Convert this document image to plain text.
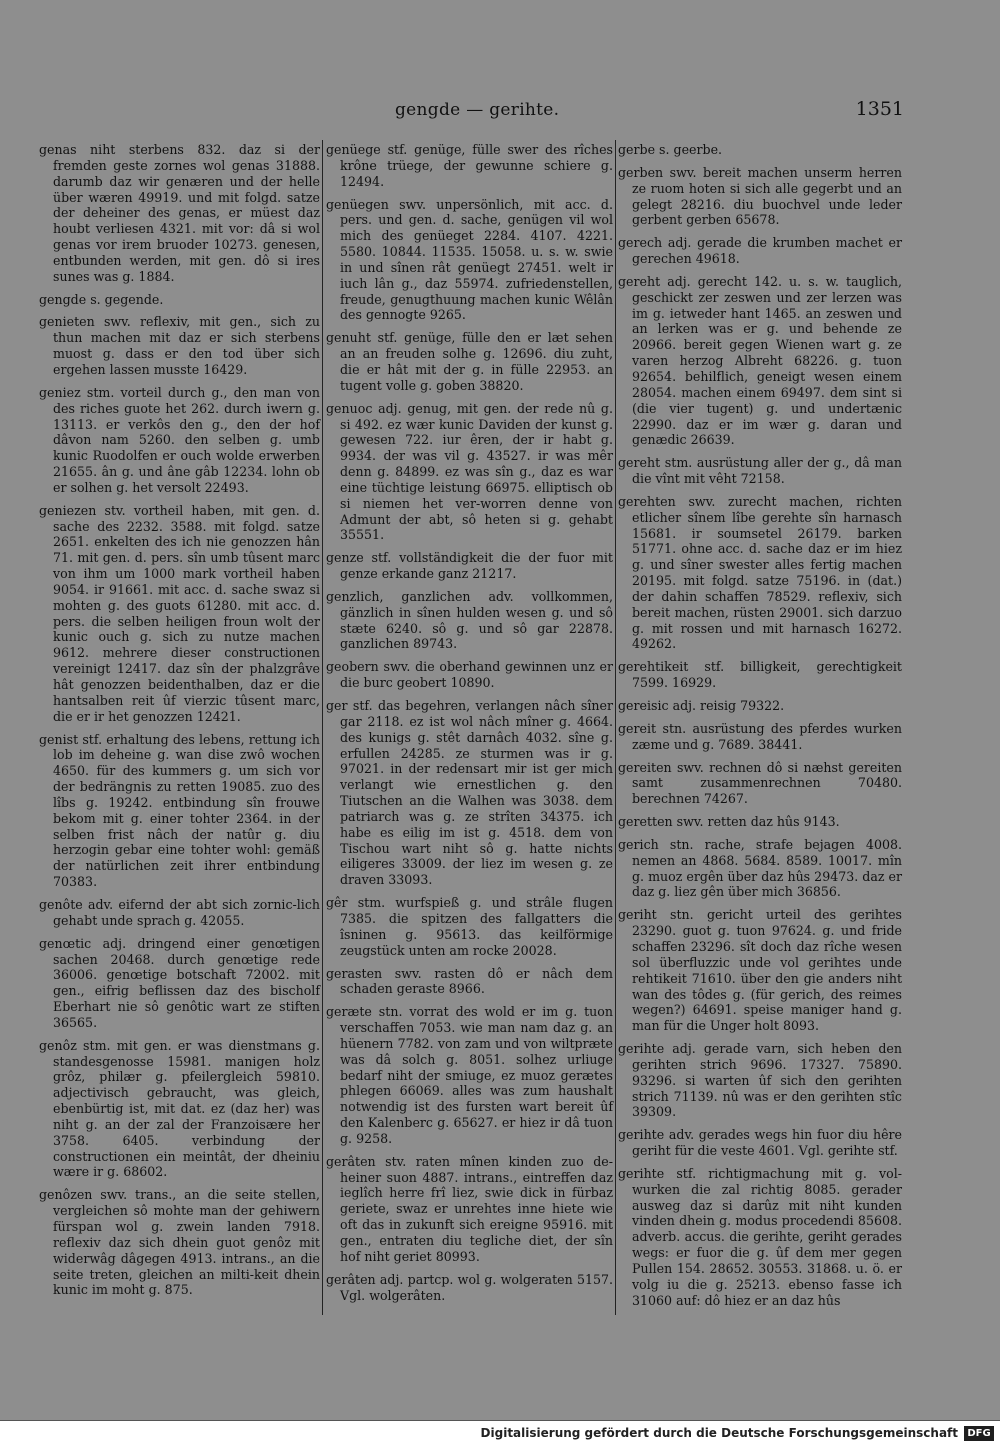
gengde — gerihte.	1351

genas niht sterbens 832. daz si der fremden geste zornes wol genas 31888. darumb daz wir genæren und der helle über wæren 49919. und mit folgd. satze der deheiner des genas, er müest daz houbt verliesen 4321. mit vor: dâ si wol genas vor irem bruoder 10273. genesen, entbunden werden, mit gen. dô si ires sunes was g. 1884.

gengde s. gegende.

genieten swv. reflexiv, mit gen., sich zu thun machen mit daz er sich sterbens muost g. dass er den tod über sich ergehen lassen musste 16429.

geniez stm. vorteil durch g., den man von des riches guote het 262. durch iwern g. 13113. er verkôs den g., den der hof dâvon nam 5260. den selben g. umb kunic Ruodolfen er ouch wolde erwerben 21655. ân g. und âne gâb 12234. lohn ob er solhen g. het versolt 22493.

geniezen stv. vortheil haben, mit gen. d. sache des 2232. 3588. mit folgd. satze 2651. enkelten des ich nie genozzen hân 71. mit gen. d. pers. sîn umb tûsent marc von ihm um 1000 mark vortheil haben 9054. ir 91661. mit acc. d. sache swaz si mohten g. des guots 61280. mit acc. d. pers. die selben heiligen froun wolt der kunic ouch g. sich zu nutze machen 9612. mehrere dieser constructionen vereinigt 12417. daz sîn der phalzgrâve hât genozzen beidenthalben, daz er die hantsalben reit ûf vierzic tûsent marc, die er ir het genozzen 12421.

genist stf. erhaltung des lebens, rettung ich lob im deheine g. wan dise zwô wochen 4650. für des kummers g. um sich vor der bedrängnis zu retten 19085. zuo des lîbs g. 19242. entbindung sîn frouwe bekom mit g. einer tohter 2364. in der selben frist nâch der natûr g. diu herzogin gebar eine tohter wohl: gemäß der natürlichen zeit ihrer entbindung 70383.

genôte adv. eifernd der abt sich zornic-lich gehabt unde sprach g. 42055.

genœtic adj. dringend einer genœtigen sachen 20468. durch genœtige rede 36006. genœtige botschaft 72002. mit gen., eifrig beflissen daz des bischolf Eberhart nie sô genôtic wart ze stiften 36565.

genôz stm. mit gen. er was dienstmans g. standesgenosse 15981. manigen holz grôz, philær g. pfeilergleich 59810. adjectivisch gebraucht, was gleich, ebenbürtig ist, mit dat. ez (daz her) was niht g. an der zal der Franzoisære her 3758. 6405. verbindung der constructionen ein meintât, der dheiniu wære ir g. 68602.

genôzen swv. trans., an die seite stellen, vergleichen sô mohte man der gehiwern fürspan wol g. zwein landen 7918. reflexiv daz sich dhein guot genôz mit widerwâg dâgegen 4913. intrans., an die seite treten, gleichen an milti-keit dhein kunic im moht g. 875.

genüege stf. genüge, fülle swer des rîches krône trüege, der gewunne schiere g. 12494.

genüegen swv. unpersönlich, mit acc. d. pers. und gen. d. sache, genügen vil wol mich des genüeget 2284. 4107. 4221. 5580. 10844. 11535. 15058. u. s. w. swie in und sînen rât genüegt 27451. welt ir iuch lân g., daz 55974. zufriedenstellen, freude, genugthuung machen kunic Wêlân des gennogte 9265.

genuht stf. genüge, fülle den er læt sehen an an freuden solhe g. 12696. diu zuht, die er hât mit der g. in fülle 22953. an tugent volle g. goben 38820.

genuoc adj. genug, mit gen. der rede nû g. si 492. ez wær kunic Daviden der kunst g. gewesen 722. iur êren, der ir habt g. 9934. der was vil g. 43527. ir was mêr denn g. 84899. ez was sîn g., daz es war eine tüchtige leistung 66975. elliptisch ob si niemen het ver-worren denne von Admunt der abt, sô heten si g. gehabt 35551.

genze stf. vollständigkeit die der fuor mit genze erkande ganz 21217.

genzlich, ganzlichen adv. vollkommen, gänzlich in sînen hulden wesen g. und sô stæte 6240. sô g. und sô gar 22878. ganzlichen 89743.

geobern swv. die oberhand gewinnen unz er die burc geobert 10890.

ger stf. das begehren, verlangen nâch sîner gar 2118. ez ist wol nâch mîner g. 4664. des kunigs g. stêt darnâch 4032. sîne g. erfullen 24285. ze sturmen was ir g. 97021. in der redensart mir ist ger mich verlangt wie ernestlichen g. den Tiutschen an die Walhen was 3038. dem patriarch was g. ze strîten 34375. ich habe es eilig im ist g. 4518. dem von Tischou wart niht sô g. hatte nichts eiligeres 33009. der liez im wesen g. ze draven 33093.

gêr stm. wurfspieß g. und strâle flugen 7385. die spitzen des fallgatters die îsninen g. 95613. das keilförmige zeugstück unten am rocke 20028.

gerasten swv. rasten dô er nâch dem schaden geraste 8966.

geræte stn. vorrat des wold er im g. tuon verschaffen 7053. wie man nam daz g. an hüenern 7782. von zam und von wiltpræte was dâ solch g. 8051. solhez urliuge bedarf niht der smiuge, ez muoz gerætes phlegen 66069. alles was zum haushalt notwendig ist des fursten wart bereit ûf den Kalenberc g. 65627. er hiez ir dâ tuon g. 9258.

gerâten stv. raten mînen kinden zuo de-heiner suon 4887. intrans., eintreffen daz ieglîch herre frî liez, swie dick in fürbaz geriete, swaz er unrehtes inne hiete wie oft das in zukunft sich ereigne 95916. mit gen., entraten diu tegliche diet, der sîn hof niht geriet 80993.

gerâten adj. partcp. wol g. wolgeraten 5157. Vgl. wolgerâten.

gerbe s. geerbe.

gerben swv. bereit machen unserm herren ze ruom hoten si sich alle gegerbt und an gelegt 28216. diu buochvel unde leder gerbent gerben 65678.

gerech adj. gerade die krumben machet er gerechen 49618.

gereht adj. gerecht 142. u. s. w. tauglich, geschickt zer zeswen und zer lerzen was im g. ietweder hant 1465. an zeswen und an lerken was er g. und behende ze 20966. bereit gegen Wienen wart g. ze varen herzog Albreht 68226. g. tuon 92654. behilflich, geneigt wesen einem 28054. machen einem 69497. dem sint si (die vier tugent) g. und undertænic 22990. daz er im wær g. daran und genædic 26639.

gereht stm. ausrüstung aller der g., dâ man die vînt mit vêht 72158.

gerehten swv. zurecht machen, richten etlicher sînem lîbe gerehte sîn harnasch 15681. ir soumsetel 26179. barken 51771. ohne acc. d. sache daz er im hiez g. und sîner swester alles fertig machen 20195. mit folgd. satze 75196. in (dat.) der dahin schaffen 78529. reflexiv, sich bereit machen, rüsten 29001. sich darzuo g. mit rossen und mit harnasch 16272. 49262.

gerehtikeit stf. billigkeit, gerechtigkeit 7599. 16929.

gereisic adj. reisig 79322.

gereit stn. ausrüstung des pferdes wurken zæme und g. 7689. 38441.

gereiten swv. rechnen dô si næhst gereiten samt zusammenrechnen 70480. berechnen 74267.

geretten swv. retten daz hûs 9143.

gerich stn. rache, strafe bejagen 4008. nemen an 4868. 5684. 8589. 10017. mîn g. muoz ergên über daz hûs 29473. daz er daz g. liez gên über mich 36856.

geriht stn. gericht urteil des gerihtes 23290. guot g. tuon 97624. g. und fride schaffen 23296. sît doch daz rîche wesen sol überfluzzic unde vol gerihtes unde rehtikeit 71610. über den gie anders niht wan des tôdes g. (für gerich, des reimes wegen?) 64691. speise maniger hand g. man für die Unger holt 8093.

gerihte adj. gerade varn, sich heben den gerihten strich 9696. 17327. 75890. 93296. si warten ûf sich den gerihten strich 71139. nû was er den gerihten stîc 39309.

gerihte adv. gerades wegs hin fuor diu hêre geriht für die veste 4601. Vgl. gerihte stf.

gerihte stf. richtigmachung mit g. vol-wurken die zal richtig 8085. gerader ausweg daz si darûz mit niht kunden vinden dhein g. modus procedendi 85608. adverb. accus. die gerihte, geriht gerades wegs: er fuor die g. ûf dem mer gegen Pullen 154. 28652. 30553. 31868. u. ö. er volg iu die g. 25213. ebenso fasse ich 31060 auf: dô hiez er an daz hûs

Digitalisierung gefördert durch die Deutsche Forschungsgemeinschaft DFG
